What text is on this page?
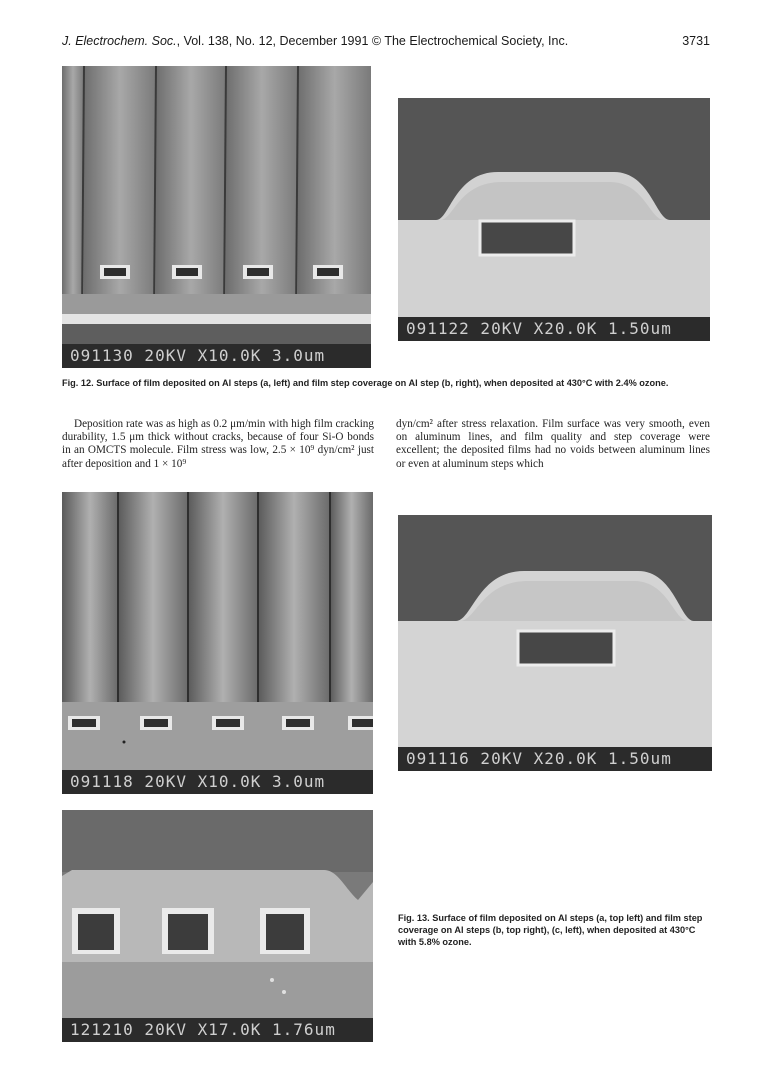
J. Electrochem. Soc., Vol. 138, No. 12, December 1991 © The Electrochemical Society, Inc.	3731
091130 20KV X10.0K 3.0um
091122 20KV X20.0K 1.50um
Fig. 12. Surface of film deposited on Al steps (a, left) and film step coverage on Al step (b, right), when deposited at 430°C with 2.4% ozone.

Deposition rate was as high as 0.2 μm/min with high film cracking durability, 1.5 μm thick without cracks, because of four Si-O bonds in an OMCTS molecule. Film stress was low, 2.5 × 10⁹ dyn/cm² just after deposition and 1 × 10⁹

dyn/cm² after stress relaxation. Film surface was very smooth, even on aluminum lines, and film quality and step coverage were excellent; the deposited films had no voids between aluminum lines or even at aluminum steps which

091118 20KV X10.0K 3.0um
091116 20KV X20.0K 1.50um
121210 20KV X17.0K 1.76um
Fig. 13. Surface of film deposited on Al steps (a, top left) and film step coverage on Al steps (b, top right), (c, left), when deposited at 430°C with 5.8% ozone.
